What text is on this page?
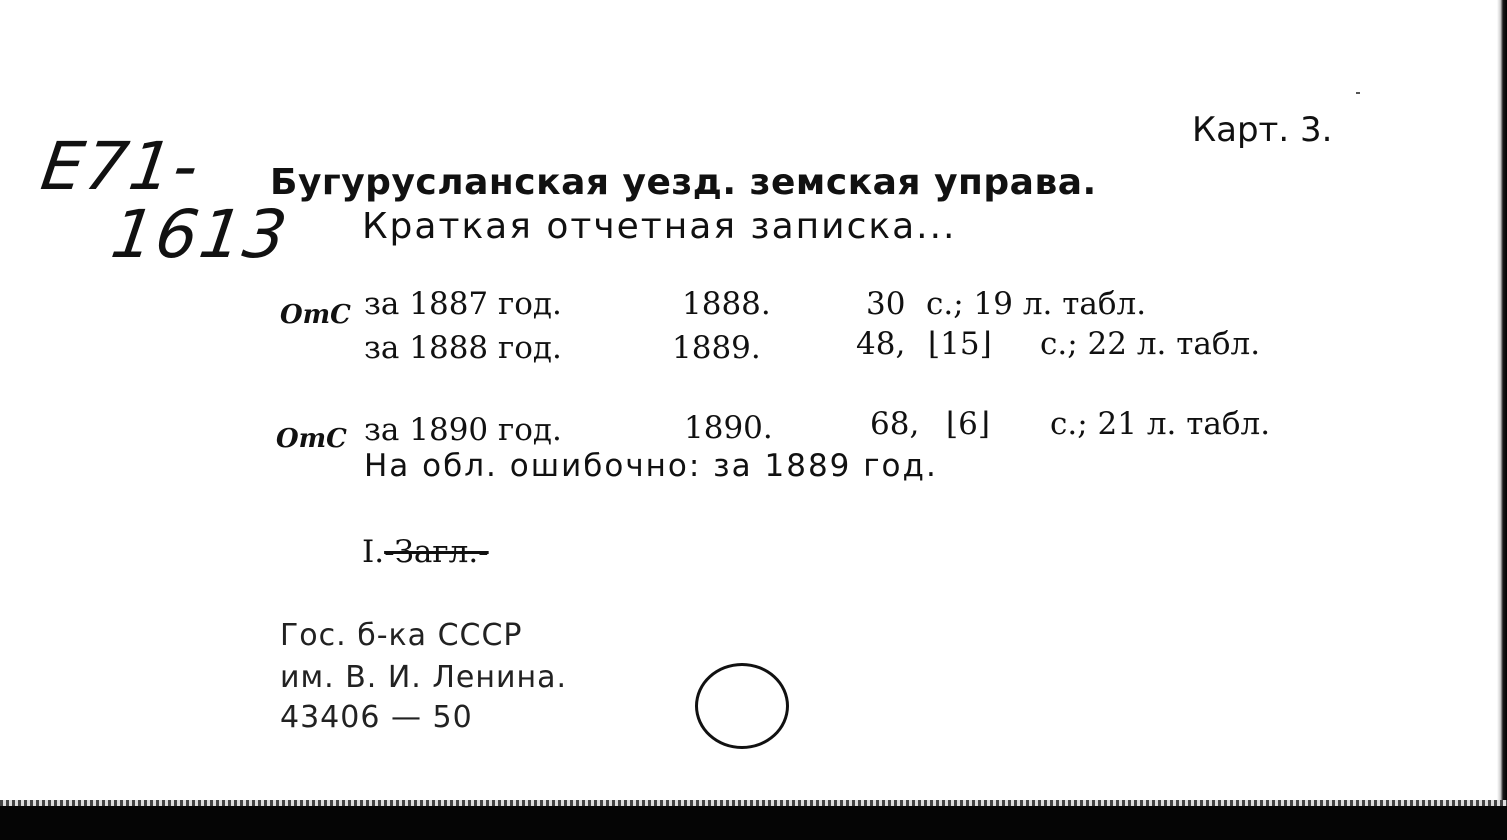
E71-
1613
Карт. 3.
Бугурусланская уезд. земская управа.
Краткая отчетная записка...
ОтС за 1887 год.	1888.	30 с.; 19 л. табл.
за 1888 год.	1889.	48, ⌊15⌋ с.; 22 л. табл.
ОтС за 1890 год.	1890.	68, ⌊6⌋ с.; 21 л. табл.
На обл. ошибочно: за 1889 год.
I.-Загл.-
Гос. б-ка СССР
им. В. И. Ленина.
43406 — 50
